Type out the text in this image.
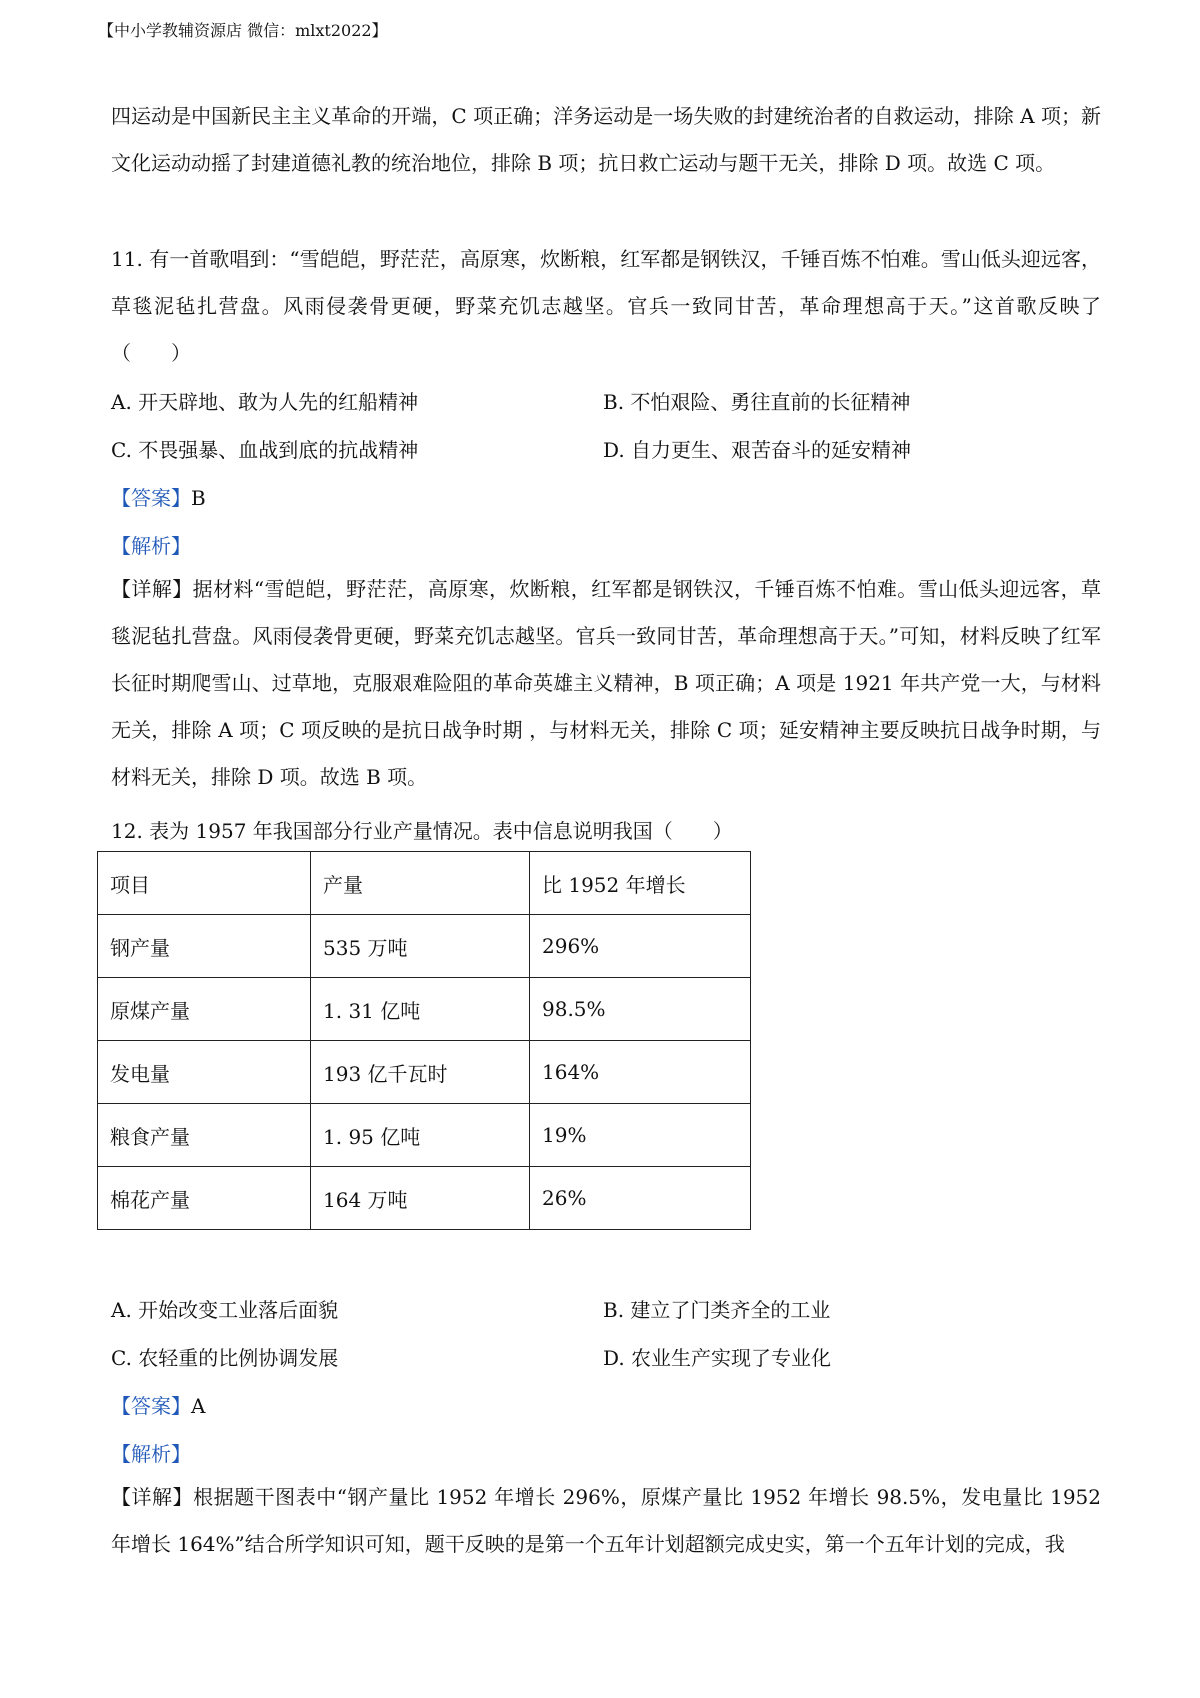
【中小学教辅资源店 微信：mlxt2022】

四运动是中国新民主主义革命的开端，C 项正确；洋务运动是一场失败的封建统治者的自救运动，排除 A 项；新文化运动动摇了封建道德礼教的统治地位，排除 B 项；抗日救亡运动与题干无关，排除 D 项。故选 C 项。

11. 有一首歌唱到：“雪皑皑，野茫茫，高原寒，炊断粮，红军都是钢铁汉，千锤百炼不怕难。雪山低头迎远客，草毯泥毡扎营盘。风雨侵袭骨更硬，野菜充饥志越坚。官兵一致同甘苦，革命理想高于天。”这首歌反映了（　　）

A. 开天辟地、敢为人先的红船精神	B. 不怕艰险、勇往直前的长征精神
C. 不畏强暴、血战到底的抗战精神	D. 自力更生、艰苦奋斗的延安精神
【答案】B
【解析】

【详解】据材料“雪皑皑，野茫茫，高原寒，炊断粮，红军都是钢铁汉，千锤百炼不怕难。雪山低头迎远客，草毯泥毡扎营盘。风雨侵袭骨更硬，野菜充饥志越坚。官兵一致同甘苦，革命理想高于天。”可知，材料反映了红军长征时期爬雪山、过草地，克服艰难险阻的革命英雄主义精神，B 项正确；A 项是 1921 年共产党一大，与材料无关，排除 A 项；C 项反映的是抗日战争时期 ，与材料无关，排除 C 项；延安精神主要反映抗日战争时期，与材料无关，排除 D 项。故选 B 项。

12. 表为 1957 年我国部分行业产量情况。表中信息说明我国（　　）
项目	产量	比 1952 年增长
钢产量	535 万吨	296%
原煤产量	1. 31 亿吨	98.5%
发电量	193 亿千瓦时	164%
粮食产量	1. 95 亿吨	19%
棉花产量	164 万吨	26%
A. 开始改变工业落后面貌	B. 建立了门类齐全的工业
C. 农轻重的比例协调发展	D. 农业生产实现了专业化
【答案】A
【解析】

【详解】根据题干图表中“钢产量比 1952 年增长 296%，原煤产量比 1952 年增长 98.5%，发电量比 1952 年增长 164%”结合所学知识可知，题干反映的是第一个五年计划超额完成史实，第一个五年计划的完成，我
